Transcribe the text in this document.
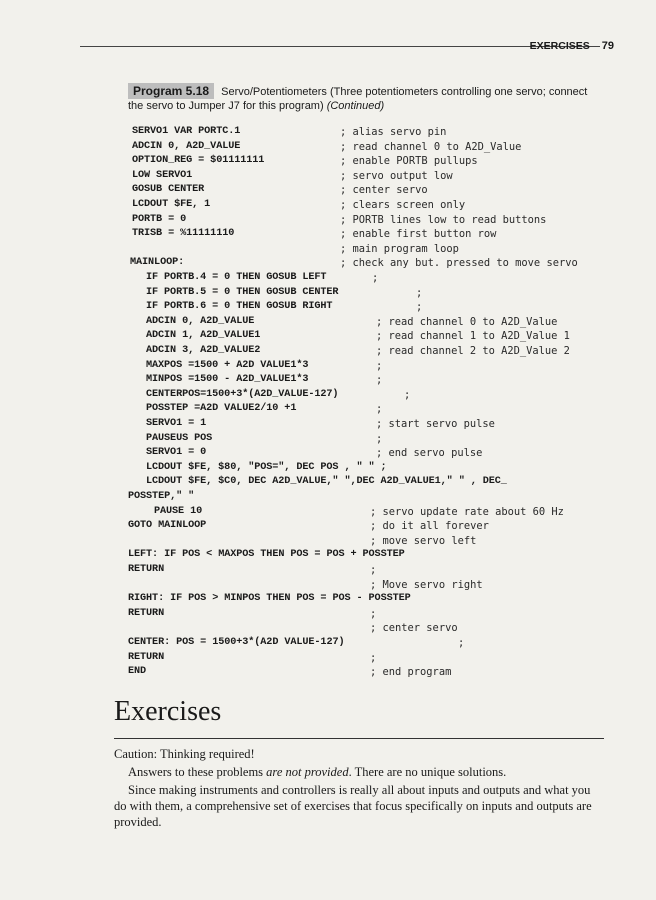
EXERCISES 79
Program 5.18 Servo/Potentiometers (Three potentiometers controlling one servo; connect the servo to Jumper J7 for this program) (Continued)
SERVO1 VAR PORTC.1	; alias servo pin
ADCIN 0, A2D_VALUE	; read channel 0 to A2D_Value
OPTION_REG = $01111111	; enable PORTB pullups
LOW SERVO1	; servo output low
GOSUB CENTER	; center servo
LCDOUT $FE, 1	; clears screen only
PORTB = 0	; PORTB lines low to read buttons
TRISB = %11111110	; enable first button row
; main program loop
MAINLOOP:	; check any but. pressed to move servo
IF PORTB.4 = 0 THEN GOSUB LEFT	;
IF PORTB.5 = 0 THEN GOSUB CENTER	;
IF PORTB.6 = 0 THEN GOSUB RIGHT	;
ADCIN 0, A2D_VALUE	; read channel 0 to A2D_Value
ADCIN 1, A2D_VALUE1	; read channel 1 to A2D_Value 1
ADCIN 3, A2D_VALUE2	; read channel 2 to A2D_Value 2
MAXPOS =1500 + A2D VALUE1*3	;
MINPOS =1500 - A2D_VALUE1*3	;
CENTERPOS=1500+3*(A2D_VALUE-127)	;
POSSTEP =A2D VALUE2/10 +1	;
SERVO1 = 1	; start servo pulse
PAUSEUS POS	;
SERVO1 = 0	; end servo pulse
LCDOUT $FE, $80, "POS=", DEC POS , " " ;
LCDOUT $FE, $C0, DEC A2D_VALUE," ",DEC A2D_VALUE1," " , DEC_
POSSTEP," "
PAUSE 10	; servo update rate about 60 Hz
GOTO MAINLOOP	; do it all forever
; move servo left
LEFT: IF POS < MAXPOS THEN POS = POS + POSSTEP
RETURN	;
; Move servo right
RIGHT: IF POS > MINPOS THEN POS = POS - POSSTEP
RETURN	;
; center servo
CENTER: POS = 1500+3*(A2D VALUE-127)	;
RETURN	;
END	; end program
Exercises
Caution: Thinking required!
Answers to these problems are not provided. There are no unique solutions.
Since making instruments and controllers is really all about inputs and outputs and what you do with them, a comprehensive set of exercises that focus specifically on inputs and outputs are provided.
